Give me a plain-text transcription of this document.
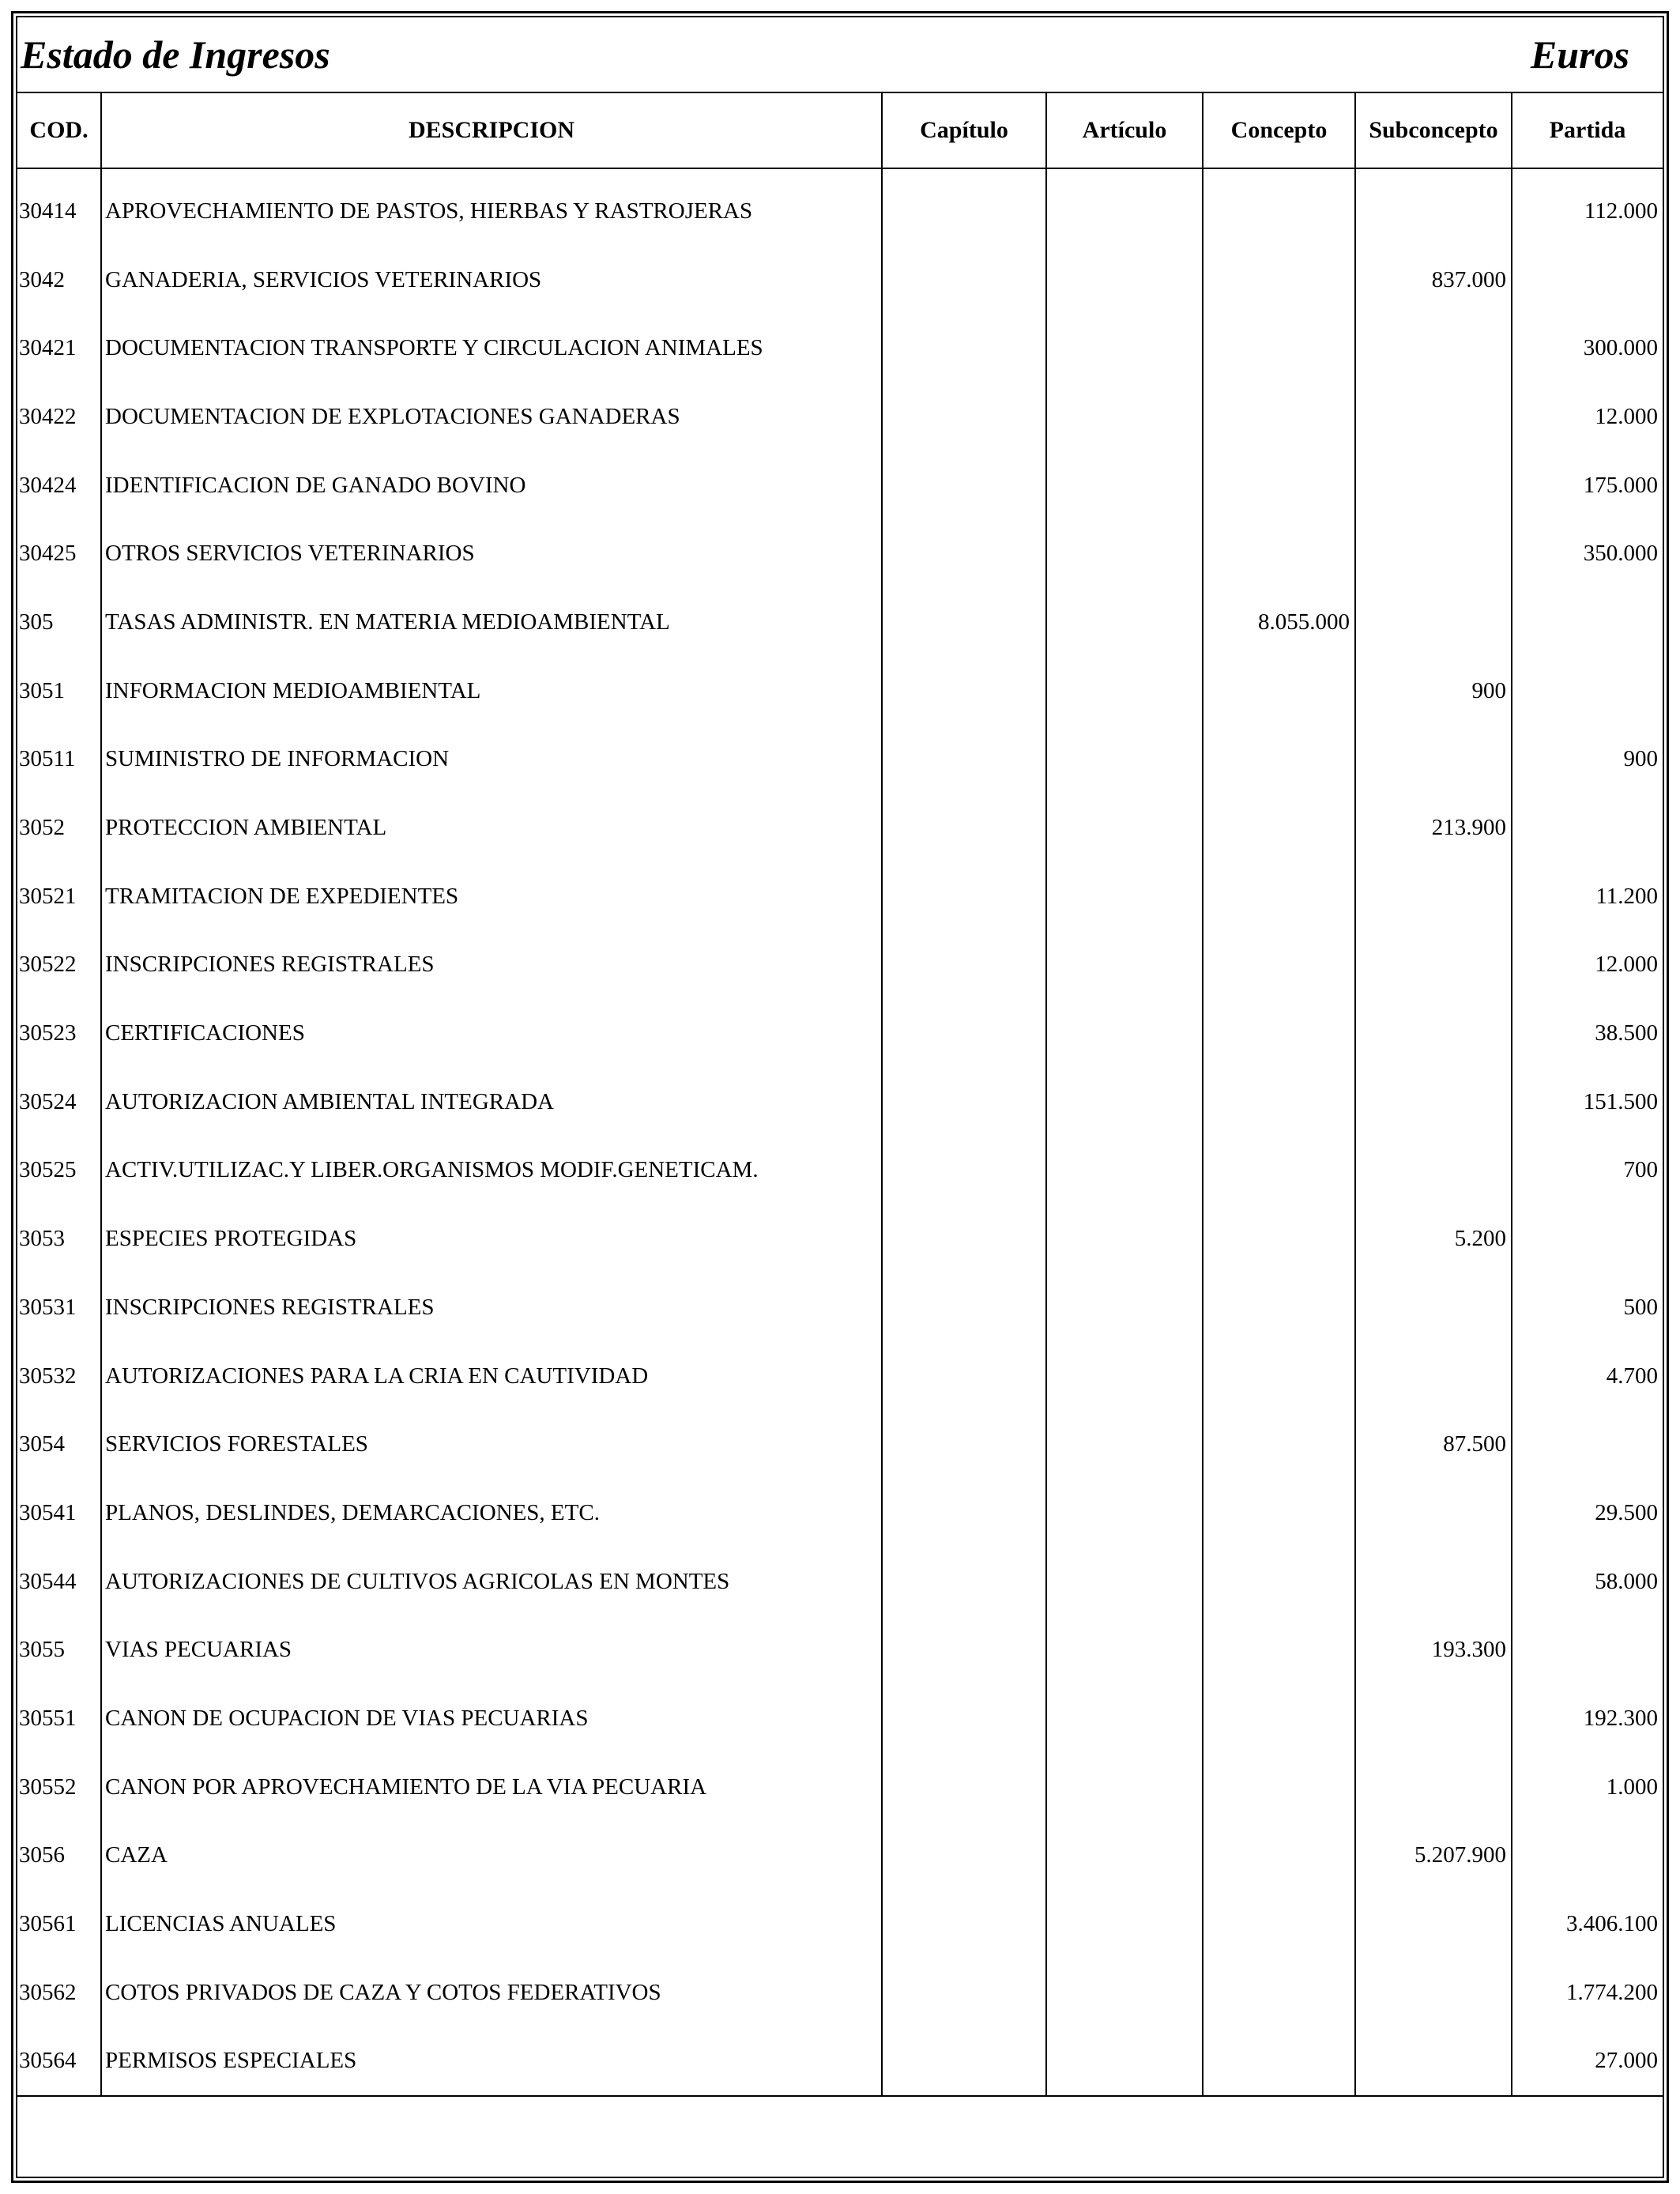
Estado de Ingresos	Euros
COD.	DESCRIPCION	Capítulo	Artículo	Concepto	Subconcepto	Partida
30414	APROVECHAMIENTO DE PASTOS, HIERBAS Y RASTROJERAS					112.000
3042	GANADERIA, SERVICIOS VETERINARIOS				837.000	
30421	DOCUMENTACION TRANSPORTE Y CIRCULACION ANIMALES					300.000
30422	DOCUMENTACION DE EXPLOTACIONES GANADERAS					12.000
30424	IDENTIFICACION DE GANADO BOVINO					175.000
30425	OTROS SERVICIOS VETERINARIOS					350.000
305	TASAS ADMINISTR. EN MATERIA MEDIOAMBIENTAL			8.055.000		
3051	INFORMACION MEDIOAMBIENTAL				900	
30511	SUMINISTRO DE INFORMACION					900
3052	PROTECCION AMBIENTAL				213.900	
30521	TRAMITACION DE EXPEDIENTES					11.200
30522	INSCRIPCIONES REGISTRALES					12.000
30523	CERTIFICACIONES					38.500
30524	AUTORIZACION AMBIENTAL INTEGRADA					151.500
30525	ACTIV.UTILIZAC.Y LIBER.ORGANISMOS MODIF.GENETICAM.					700
3053	ESPECIES PROTEGIDAS				5.200	
30531	INSCRIPCIONES REGISTRALES					500
30532	AUTORIZACIONES PARA LA CRIA EN CAUTIVIDAD					4.700
3054	SERVICIOS FORESTALES				87.500	
30541	PLANOS, DESLINDES, DEMARCACIONES, ETC.					29.500
30544	AUTORIZACIONES DE CULTIVOS AGRICOLAS EN MONTES					58.000
3055	VIAS PECUARIAS				193.300	
30551	CANON DE OCUPACION DE VIAS PECUARIAS					192.300
30552	CANON POR APROVECHAMIENTO DE LA VIA PECUARIA					1.000
3056	CAZA				5.207.900	
30561	LICENCIAS ANUALES					3.406.100
30562	COTOS PRIVADOS DE CAZA Y COTOS FEDERATIVOS					1.774.200
30564	PERMISOS ESPECIALES					27.000
